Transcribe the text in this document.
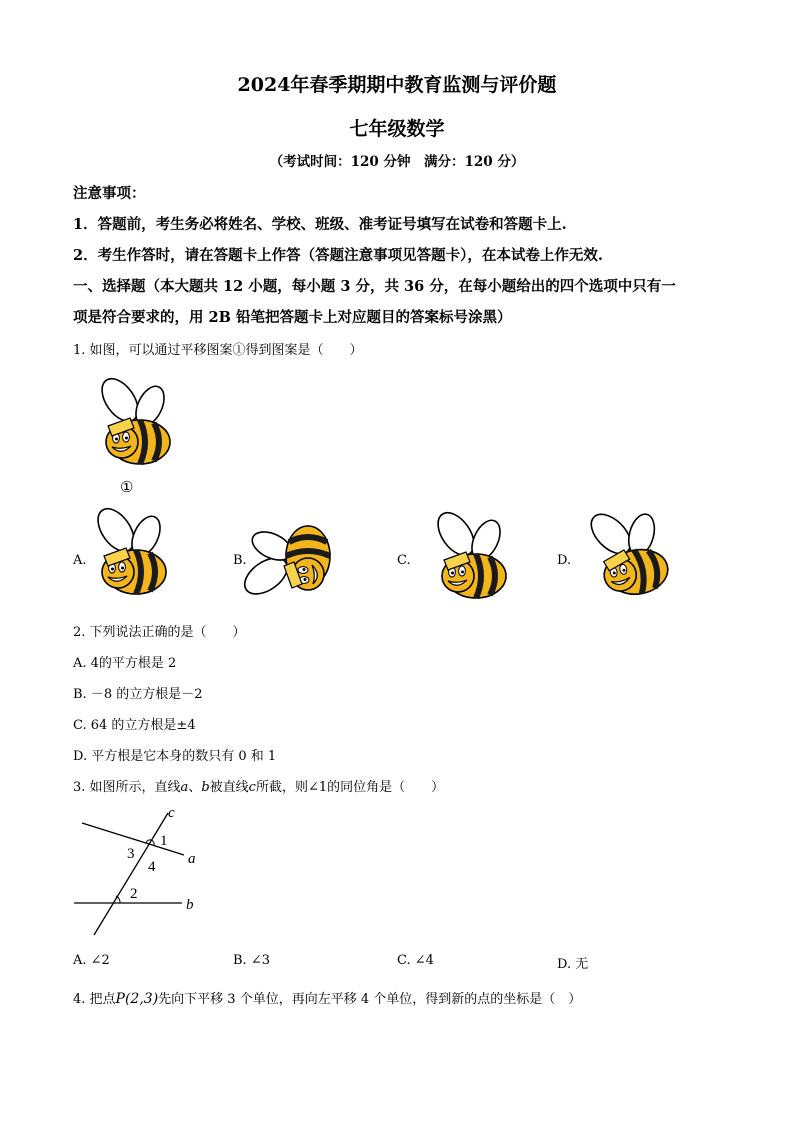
2024年春季期期中教育监测与评价题
七年级数学
（考试时间：120 分钟　满分：120 分）
注意事项：
1．答题前，考生务必将姓名、学校、班级、准考证号填写在试卷和答题卡上.
2．考生作答时，请在答题卡上作答（答题注意事项见答题卡），在本试卷上作无效.
一、选择题（本大题共 12 小题，每小题 3 分，共 36 分，在每小题给出的四个选项中只有一
项是符合要求的，用 2B 铅笔把答题卡上对应题目的答案标号涂黑）
1. 如图，可以通过平移图案①得到图案是（　　）
①
A.	B.	C.	D.
2. 下列说法正确的是（　　）
A. 4的平方根是 2
B. －8 的立方根是－2
C. 64 的立方根是±4
D. 平方根是它本身的数只有 0 和 1
3. 如图所示，直线a、b被直线c所截，则∠1的同位角是（　　）
c
a
b
1
3
4
2
A. ∠2	B. ∠3	C. ∠4	D. 无
4. 把点P(2,3)先向下平移 3 个单位，再向左平移 4 个单位，得到新的点的坐标是（　）
